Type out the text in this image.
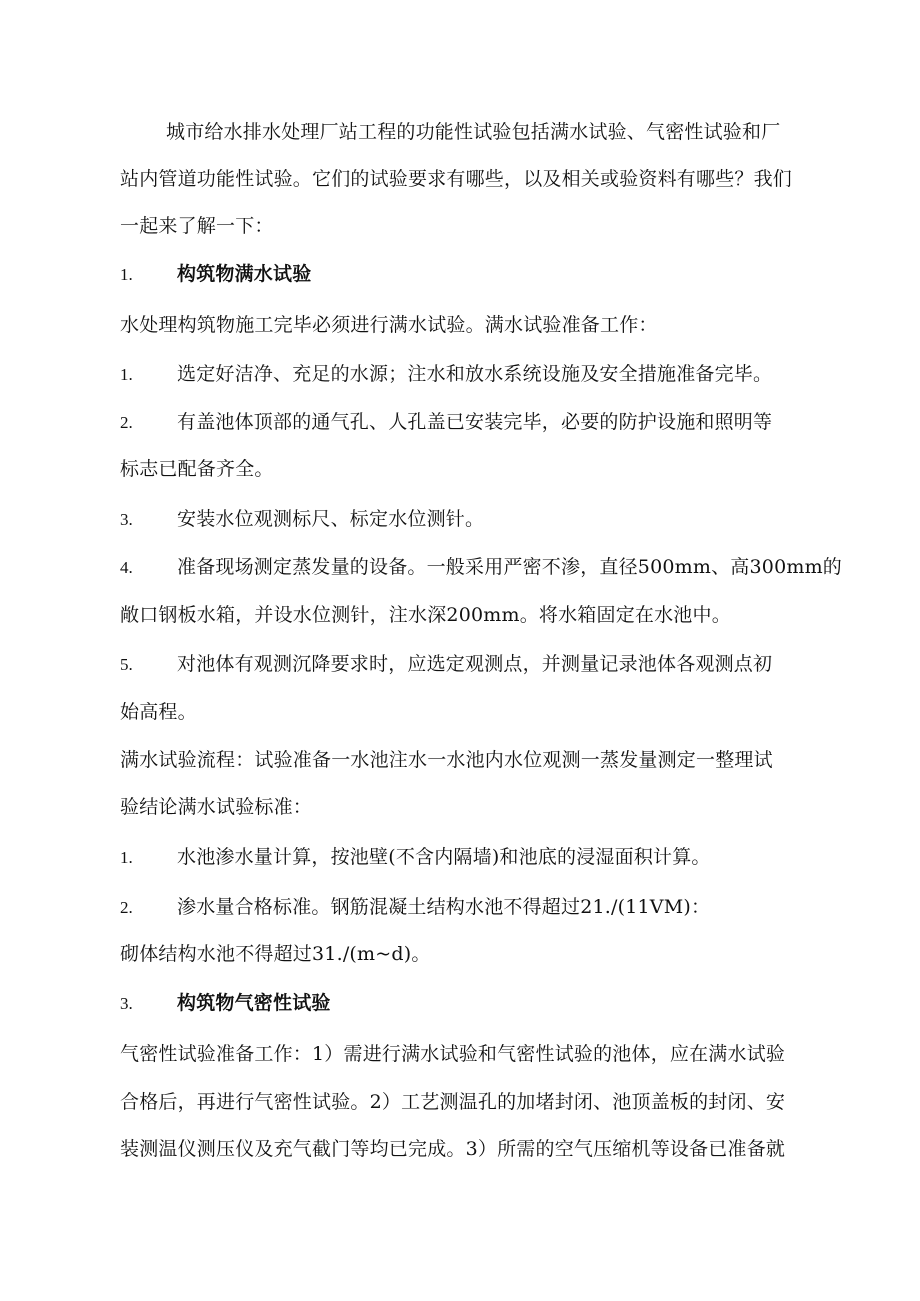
城市给水排水处理厂站工程的功能性试验包括满水试验、气密性试验和厂
站内管道功能性试验。它们的试验要求有哪些，以及相关或验资料有哪些？我们
一起来了解一下：
1. 构筑物满水试验
水处理构筑物施工完毕必须进行满水试验。满水试验准备工作：
1. 选定好洁净、充足的水源；注水和放水系统设施及安全措施准备完毕。
2. 有盖池体顶部的通气孔、人孔盖已安装完毕，必要的防护设施和照明等
标志已配备齐全。
3. 安装水位观测标尺、标定水位测针。
4. 准备现场测定蒸发量的设备。一般采用严密不渗，直径500mm、高300mm的
敞口钢板水箱，并设水位测针，注水深200mm。将水箱固定在水池中。
5. 对池体有观测沉降要求时，应选定观测点，并测量记录池体各观测点初
始高程。
满水试验流程：试验准备一水池注水一水池内水位观测一蒸发量测定一整理试
验结论满水试验标准：
1. 水池渗水量计算，按池壁(不含内隔墙)和池底的浸湿面积计算。
2. 渗水量合格标准。钢筋混凝土结构水池不得超过21./(11VM)：
砌体结构水池不得超过31./(m~d)。
3. 构筑物气密性试验
气密性试验准备工作：1）需进行满水试验和气密性试验的池体，应在满水试验
合格后，再进行气密性试验。2）工艺测温孔的加堵封闭、池顶盖板的封闭、安
装测温仪测压仪及充气截门等均已完成。3）所需的空气压缩机等设备已准备就
